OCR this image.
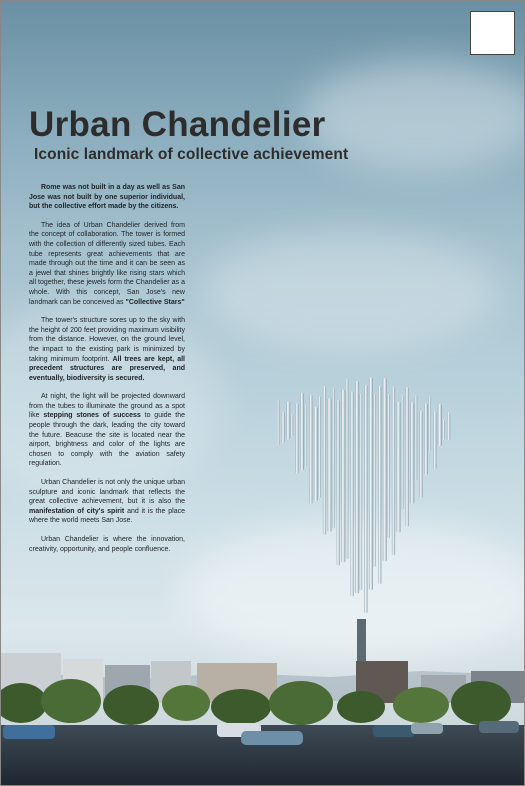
Urban Chandelier
Iconic landmark of collective achievement

Rome was not built in a day as well as San Jose was not built by one superior individual, but the collective effort made by the citizens.

The idea of Urban Chandelier derived from the concept of collaboration. The tower is formed with the collection of differently sized tubes. Each tube represents great achievements that are made through out the time and it can be seen as a jewel that shines brightly like rising stars which all together, these jewels form the Chandelier as a whole. With this concept, San Jose's new landmark can be conceived as "Collective Stars"

The tower's structure sores up to the sky with the height of 200 feet providing maximum visibility from the distance. However, on the ground level, the impact to the existing park is minimized by taking minimum footprint. All trees are kept, all precedent structures are preserved, and eventually, biodiversity is secured.

At night, the light will be projected downward from the tubes to illuminate the ground as a spot like stepping stones of success to guide the people through the dark, leading the city toward the future. Beacuse the site is located near the airport, brightness and color of the lights are chosen to comply with the aviation safety regulation.

Urban Chandelier is not only the unique urban sculpture and iconic landmark that reflects the great collective achievement, but it is also the manifestation of city's spirit and it is the place where the world meets San Jose.

Urban Chandelier is where the innovation, creativity, opportunity, and people confluence.
